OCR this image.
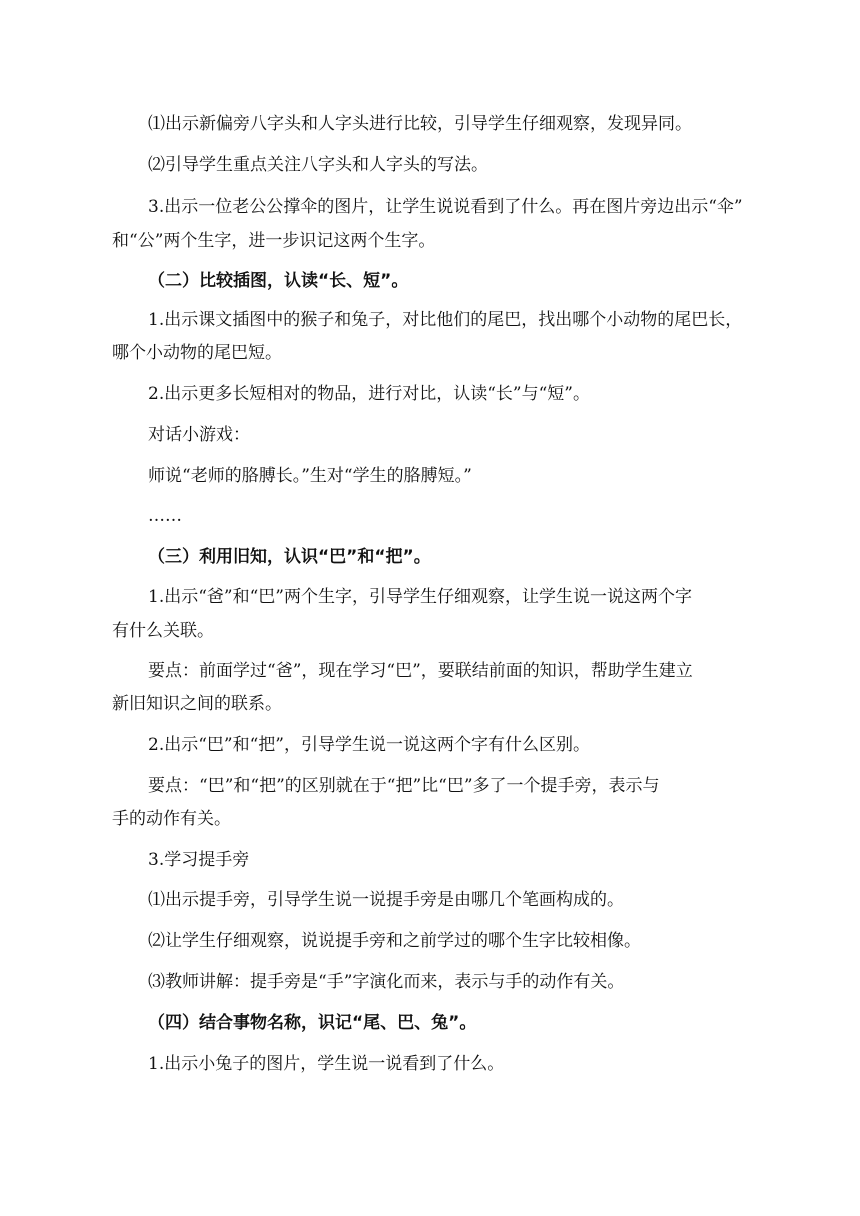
⑴出示新偏旁八字头和人字头进行比较，引导学生仔细观察，发现异同。
⑵引导学生重点关注八字头和人字头的写法。
3.出示一位老公公撑伞的图片，让学生说说看到了什么。再在图片旁边出示“伞”
和“公”两个生字，进一步识记这两个生字。
（二）比较插图，认读“长、短”。
1.出示课文插图中的猴子和兔子，对比他们的尾巴，找出哪个小动物的尾巴长，
哪个小动物的尾巴短。
2.出示更多长短相对的物品，进行对比，认读“长”与“短”。
对话小游戏：
师说“老师的胳膊长。”生对“学生的胳膊短。”
……
（三）利用旧知，认识“巴”和“把”。
1.出示“爸”和“巴”两个生字，引导学生仔细观察，让学生说一说这两个字
有什么关联。
要点：前面学过“爸”，现在学习“巴”，要联结前面的知识，帮助学生建立
新旧知识之间的联系。
2.出示“巴”和“把”，引导学生说一说这两个字有什么区别。
要点：“巴”和“把”的区别就在于“把”比“巴”多了一个提手旁，表示与
手的动作有关。
3.学习提手旁
⑴出示提手旁，引导学生说一说提手旁是由哪几个笔画构成的。
⑵让学生仔细观察，说说提手旁和之前学过的哪个生字比较相像。
⑶教师讲解：提手旁是“手”字演化而来，表示与手的动作有关。
（四）结合事物名称，识记“尾、巴、兔”。
1.出示小兔子的图片，学生说一说看到了什么。
